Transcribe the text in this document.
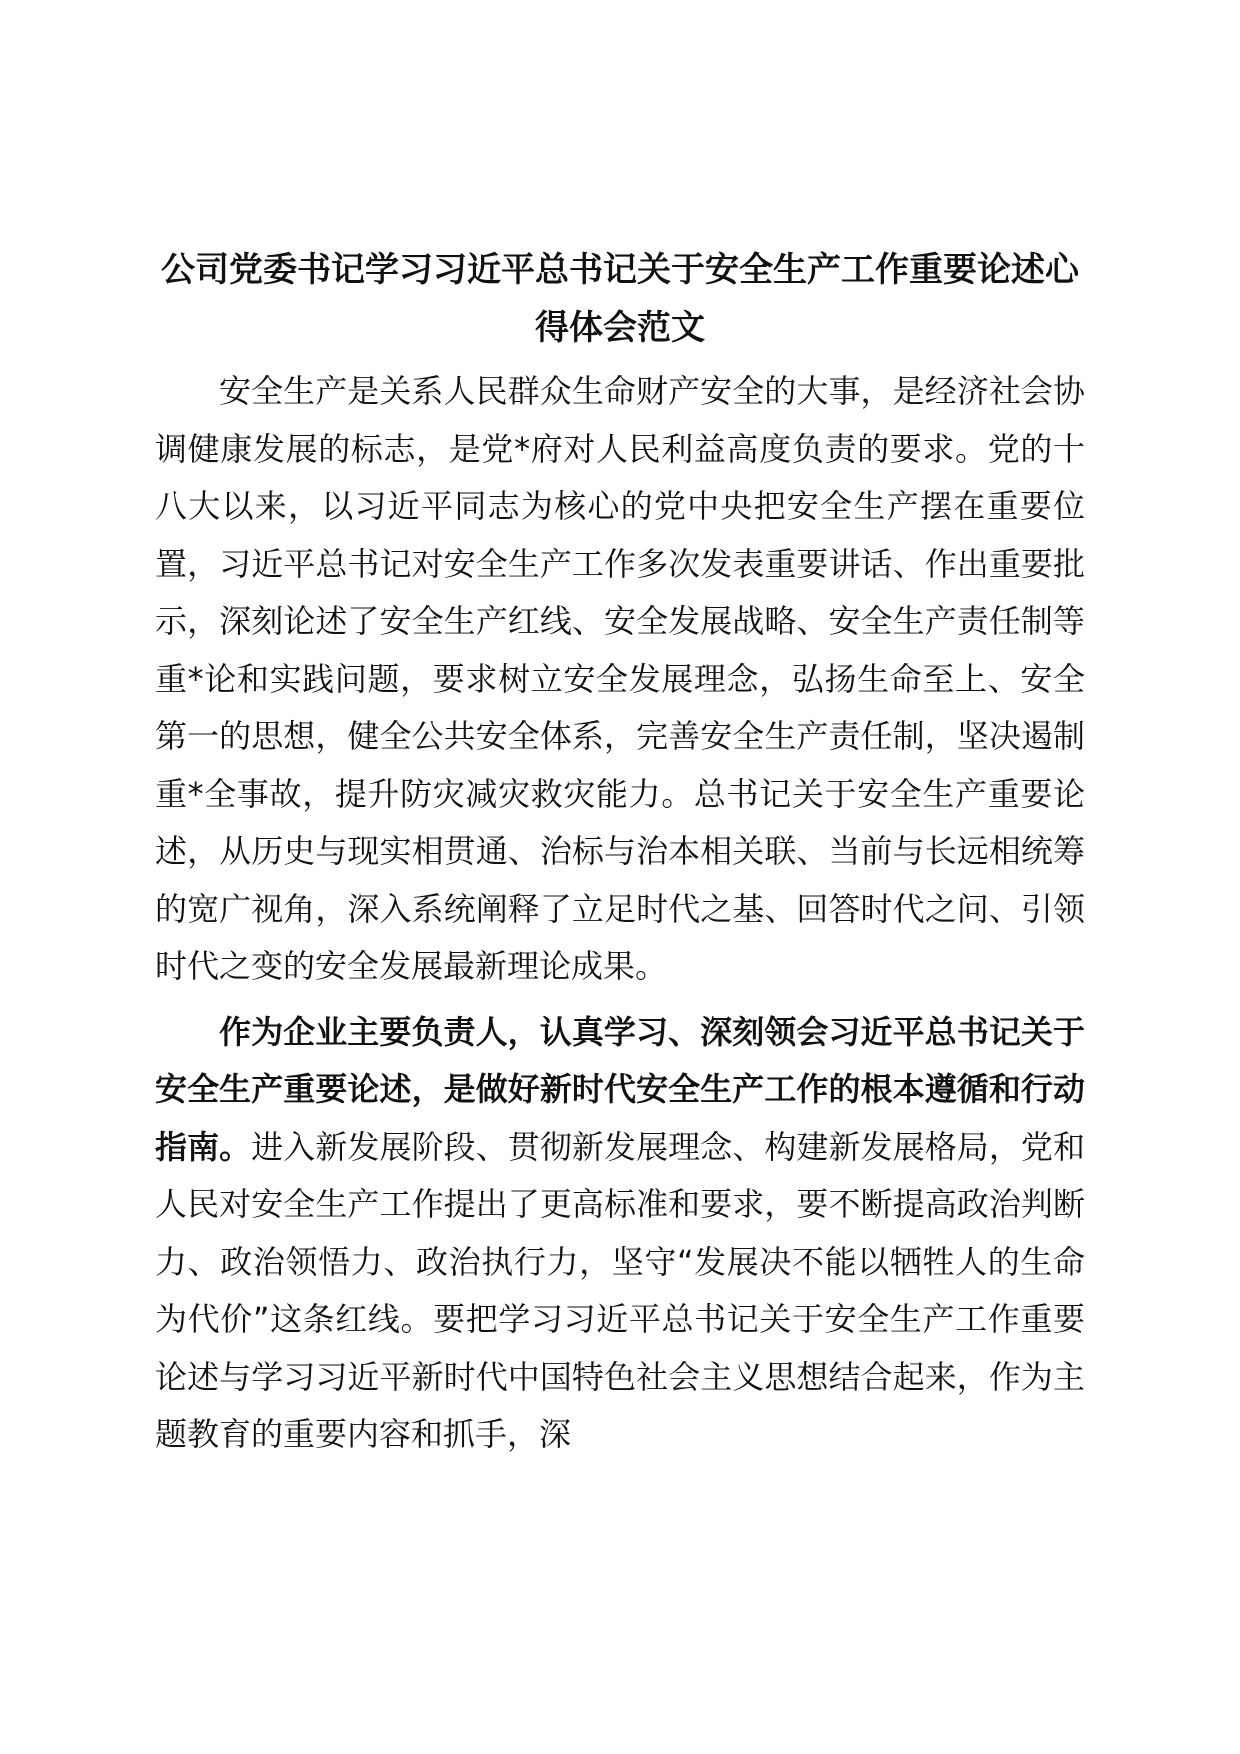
公司党委书记学习习近平总书记关于安全生产工作重要论述心得体会范文

安全生产是关系人民群众生命财产安全的大事，是经济社会协调健康发展的标志，是党*府对人民利益高度负责的要求。党的十八大以来，以习近平同志为核心的党中央把安全生产摆在重要位置，习近平总书记对安全生产工作多次发表重要讲话、作出重要批示，深刻论述了安全生产红线、安全发展战略、安全生产责任制等重*论和实践问题，要求树立安全发展理念，弘扬生命至上、安全第一的思想，健全公共安全体系，完善安全生产责任制，坚决遏制重*全事故，提升防灾减灾救灾能力。总书记关于安全生产重要论述，从历史与现实相贯通、治标与治本相关联、当前与长远相统筹的宽广视角，深入系统阐释了立足时代之基、回答时代之问、引领时代之变的安全发展最新理论成果。

作为企业主要负责人，认真学习、深刻领会习近平总书记关于安全生产重要论述，是做好新时代安全生产工作的根本遵循和行动指南。进入新发展阶段、贯彻新发展理念、构建新发展格局，党和人民对安全生产工作提出了更高标准和要求，要不断提高政治判断力、政治领悟力、政治执行力，坚守“发展决不能以牺牲人的生命为代价”这条红线。要把学习习近平总书记关于安全生产工作重要论述与学习习近平新时代中国特色社会主义思想结合起来，作为主题教育的重要内容和抓手，深
